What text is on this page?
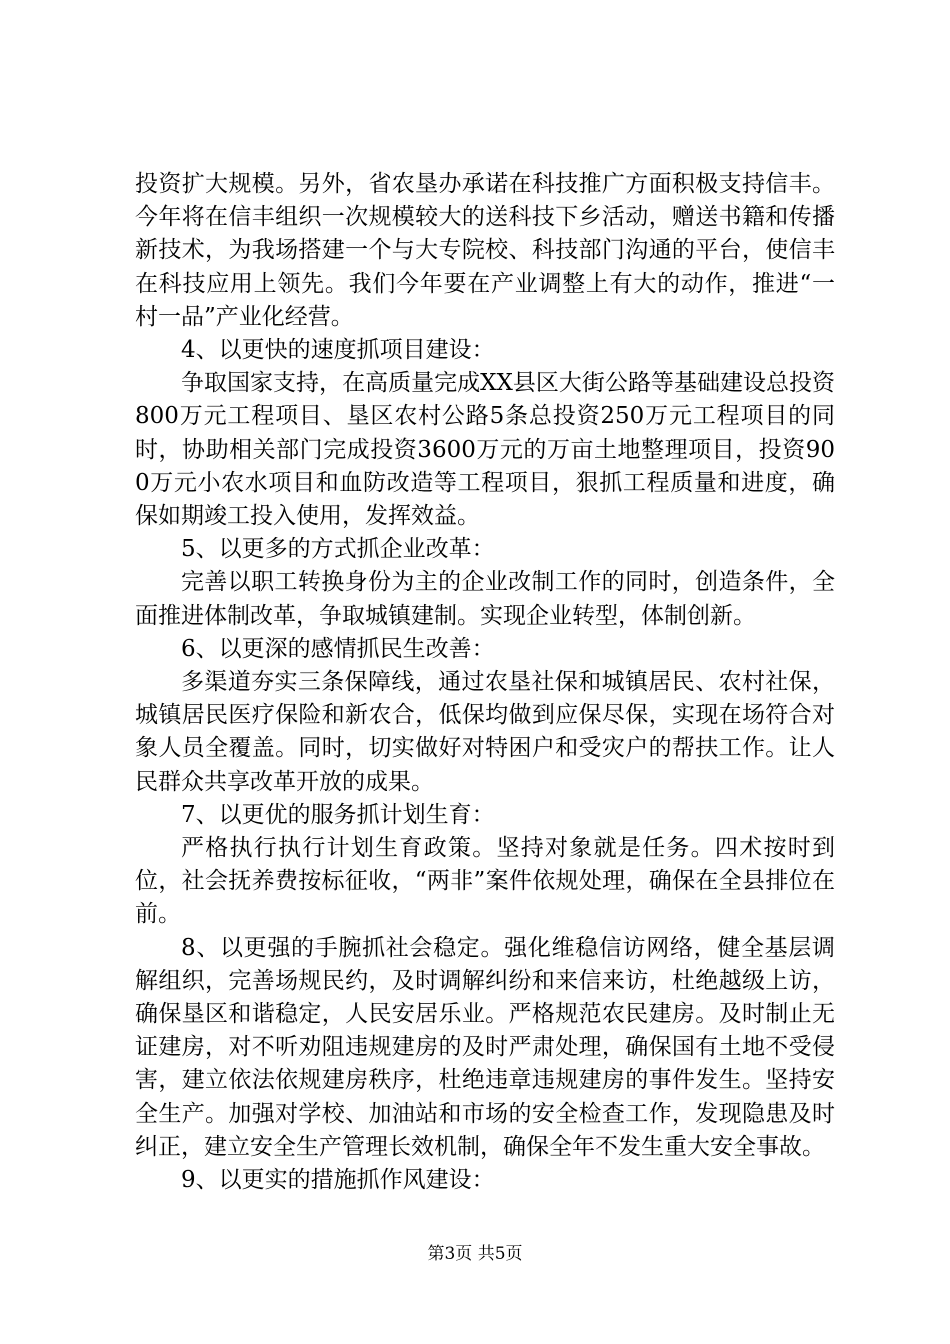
投资扩大规模。另外，省农垦办承诺在科技推广方面积极支持信丰。今年将在信丰组织一次规模较大的送科技下乡活动，赠送书籍和传播新技术，为我场搭建一个与大专院校、科技部门沟通的平台，使信丰在科技应用上领先。我们今年要在产业调整上有大的动作，推进“一村一品”产业化经营。

4、以更快的速度抓项目建设：

争取国家支持，在高质量完成XX县区大街公路等基础建设总投资800万元工程项目、垦区农村公路5条总投资250万元工程项目的同时，协助相关部门完成投资3600万元的万亩土地整理项目，投资900万元小农水项目和血防改造等工程项目，狠抓工程质量和进度，确保如期竣工投入使用，发挥效益。

5、以更多的方式抓企业改革：

完善以职工转换身份为主的企业改制工作的同时，创造条件，全面推进体制改革，争取城镇建制。实现企业转型，体制创新。

6、以更深的感情抓民生改善：

多渠道夯实三条保障线，通过农垦社保和城镇居民、农村社保，城镇居民医疗保险和新农合，低保均做到应保尽保，实现在场符合对象人员全覆盖。同时，切实做好对特困户和受灾户的帮扶工作。让人民群众共享改革开放的成果。

7、以更优的服务抓计划生育：

严格执行执行计划生育政策。坚持对象就是任务。四术按时到位，社会抚养费按标征收，“两非”案件依规处理，确保在全县排位在前。

8、以更强的手腕抓社会稳定。强化维稳信访网络，健全基层调解组织，完善场规民约，及时调解纠纷和来信来访，杜绝越级上访，确保垦区和谐稳定，人民安居乐业。严格规范农民建房。及时制止无证建房，对不听劝阻违规建房的及时严肃处理，确保国有土地不受侵害，建立依法依规建房秩序，杜绝违章违规建房的事件发生。坚持安全生产。加强对学校、加油站和市场的安全检查工作，发现隐患及时纠正，建立安全生产管理长效机制，确保全年不发生重大安全事故。

9、以更实的措施抓作风建设：

第3页 共5页
